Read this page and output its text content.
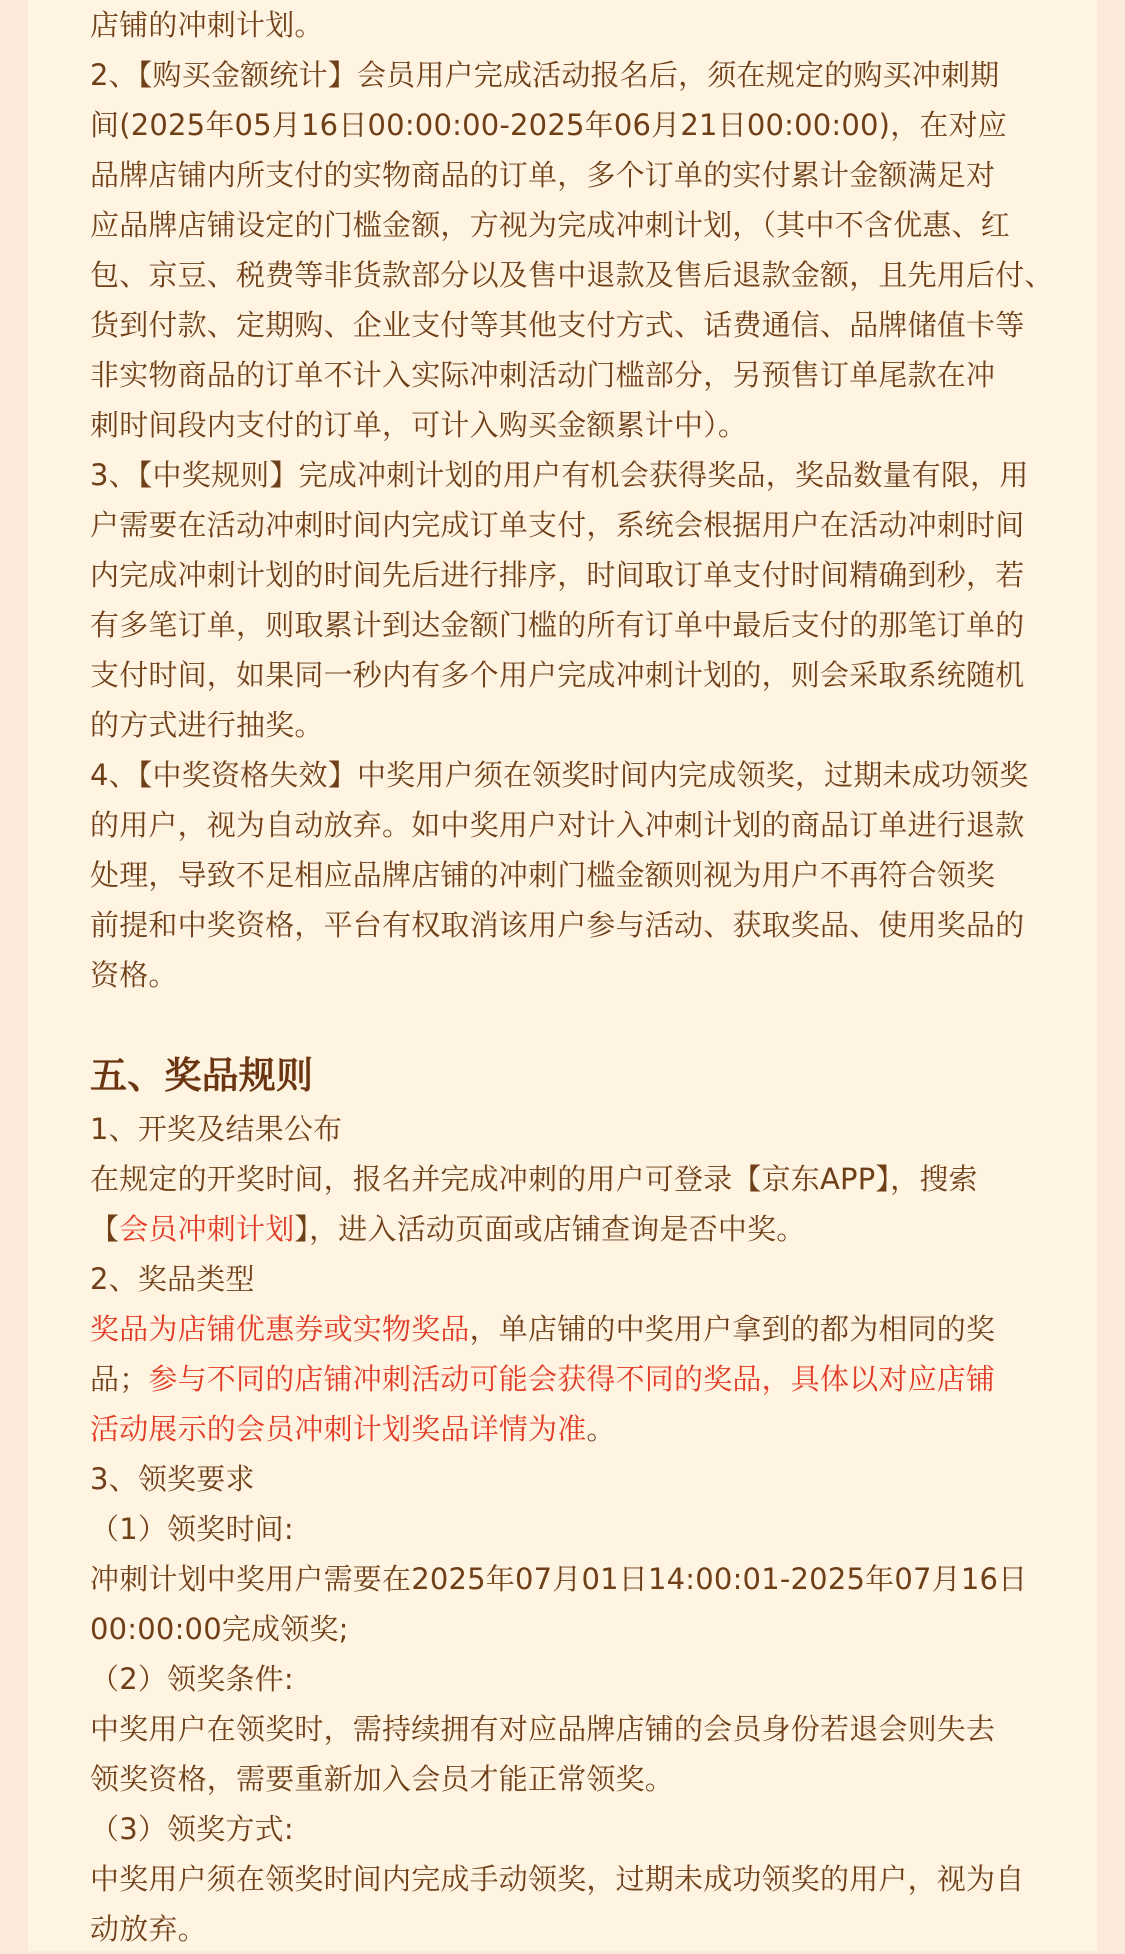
店铺的冲刺计划。
2、【购买金额统计】会员用户完成活动报名后，须在规定的购买冲刺期
间(2025年05月16日00:00:00-2025年06月21日00:00:00)，在对应
品牌店铺内所支付的实物商品的订单，多个订单的实付累计金额满足对
应品牌店铺设定的门槛金额，方视为完成冲刺计划，（其中不含优惠、红
包、京豆、税费等非货款部分以及售中退款及售后退款金额，且先用后付、
货到付款、定期购、企业支付等其他支付方式、话费通信、品牌储值卡等
非实物商品的订单不计入实际冲刺活动门槛部分，另预售订单尾款在冲
刺时间段内支付的订单，可计入购买金额累计中）。
3、【中奖规则】完成冲刺计划的用户有机会获得奖品，奖品数量有限，用
户需要在活动冲刺时间内完成订单支付，系统会根据用户在活动冲刺时间
内完成冲刺计划的时间先后进行排序，时间取订单支付时间精确到秒，若
有多笔订单，则取累计到达金额门槛的所有订单中最后支付的那笔订单的
支付时间，如果同一秒内有多个用户完成冲刺计划的，则会采取系统随机
的方式进行抽奖。
4、【中奖资格失效】中奖用户须在领奖时间内完成领奖，过期未成功领奖
的用户，视为自动放弃。如中奖用户对计入冲刺计划的商品订单进行退款
处理，导致不足相应品牌店铺的冲刺门槛金额则视为用户不再符合领奖
前提和中奖资格，平台有权取消该用户参与活动、获取奖品、使用奖品的
资格。
五、奖品规则
1、开奖及结果公布
在规定的开奖时间，报名并完成冲刺的用户可登录【京东APP】，搜索
【会员冲刺计划】，进入活动页面或店铺查询是否中奖。
2、奖品类型
奖品为店铺优惠券或实物奖品，单店铺的中奖用户拿到的都为相同的奖
品；参与不同的店铺冲刺活动可能会获得不同的奖品，具体以对应店铺
活动展示的会员冲刺计划奖品详情为准。
3、领奖要求
（1）领奖时间:
冲刺计划中奖用户需要在2025年07月01日14:00:01-2025年07月16日
00:00:00完成领奖;
（2）领奖条件:
中奖用户在领奖时，需持续拥有对应品牌店铺的会员身份若退会则失去
领奖资格，需要重新加入会员才能正常领奖。
（3）领奖方式:
中奖用户须在领奖时间内完成手动领奖，过期未成功领奖的用户，视为自
动放弃。
